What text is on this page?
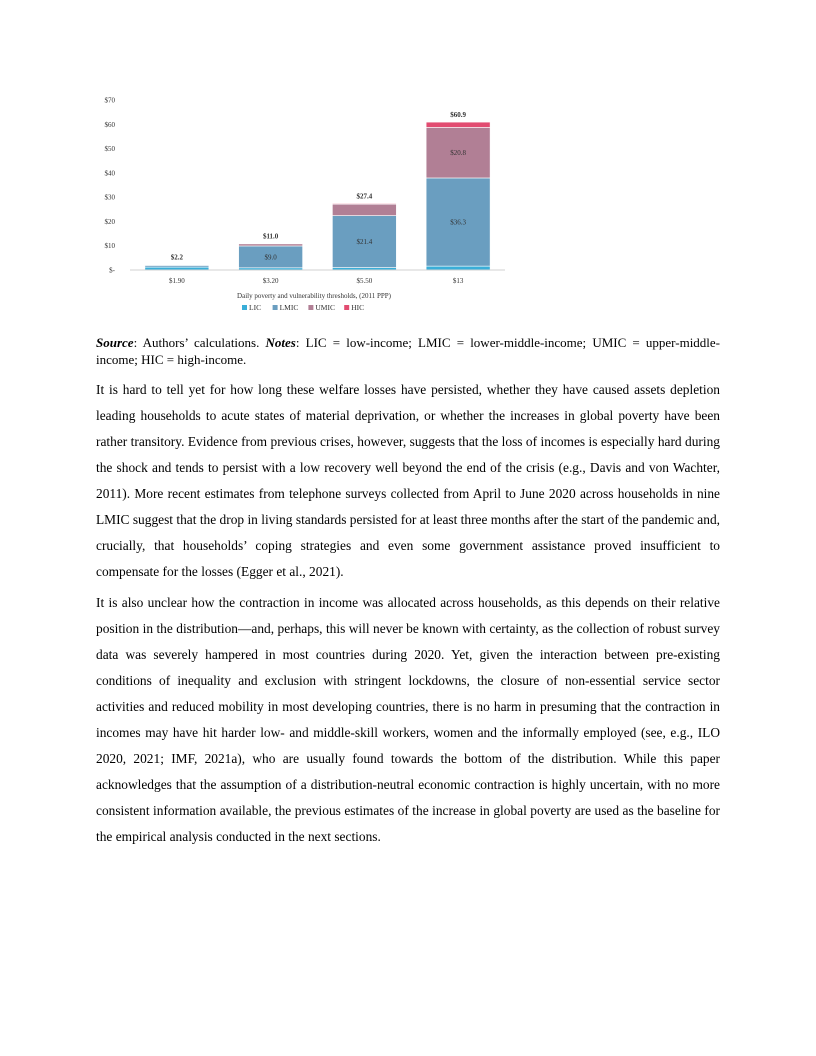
$70
$60
$50
$40
$30
$20
$10
$-
$2.2
$11.0
$27.4
$60.9
$9.0
$21.4
$36.3
$20.8
$1.90	$3.20	$5.50	$13
Daily poverty and vulnerability thresholds, (2011 PPP)
LIC LMIC UMIC HIC
Source: Authors’ calculations. Notes: LIC = low-income; LMIC = lower-middle-income; UMIC = upper-middle-income; HIC = high-income.

It is hard to tell yet for how long these welfare losses have persisted, whether they have caused assets depletion leading households to acute states of material deprivation, or whether the increases in global poverty have been rather transitory. Evidence from previous crises, however, suggests that the loss of incomes is especially hard during the shock and tends to persist with a low recovery well beyond the end of the crisis (e.g., Davis and von Wachter, 2011). More recent estimates from telephone surveys collected from April to June 2020 across households in nine LMIC suggest that the drop in living standards persisted for at least three months after the start of the pandemic and, crucially, that households’ coping strategies and even some government assistance proved insufficient to compensate for the losses (Egger et al., 2021).

It is also unclear how the contraction in income was allocated across households, as this depends on their relative position in the distribution—and, perhaps, this will never be known with certainty, as the collection of robust survey data was severely hampered in most countries during 2020. Yet, given the interaction between pre-existing conditions of inequality and exclusion with stringent lockdowns, the closure of non-essential service sector activities and reduced mobility in most developing countries, there is no harm in presuming that the contraction in incomes may have hit harder low- and middle-skill workers, women and the informally employed (see, e.g., ILO 2020, 2021; IMF, 2021a), who are usually found towards the bottom of the distribution. While this paper acknowledges that the assumption of a distribution-neutral economic contraction is highly uncertain, with no more consistent information available, the previous estimates of the increase in global poverty are used as the baseline for the empirical analysis conducted in the next sections.
